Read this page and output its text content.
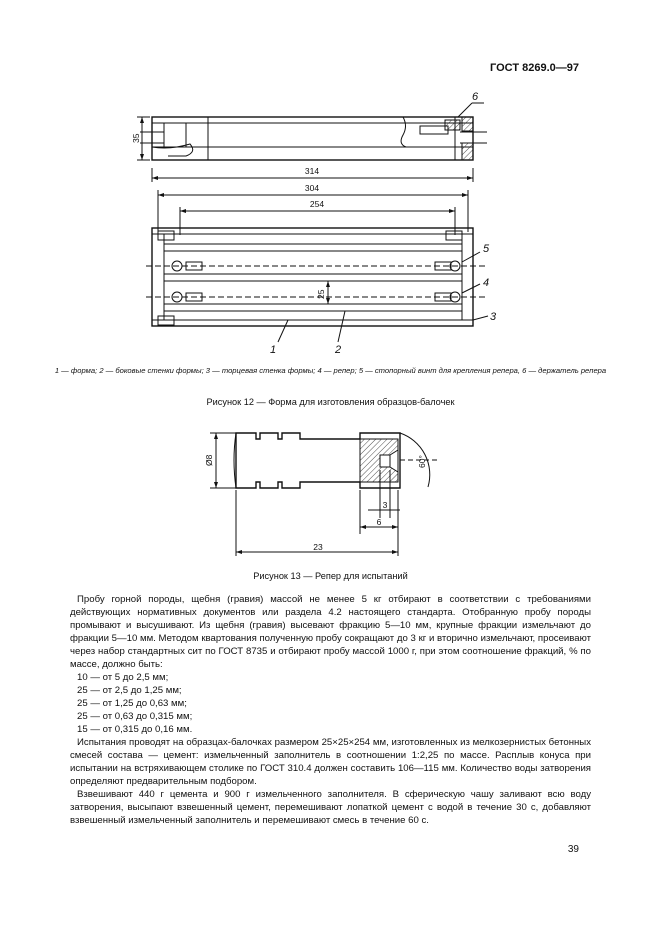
ГОСТ 8269.0—97
35
314
304
254
25
6
5
4
3
1	2
1 — форма; 2 — боковые стенки формы; 3 — торцевая стенка формы; 4 — репер; 5 — стопорный винт для крепления репера, 6 — держатель репера
Рисунок 12 — Форма для изготовления образцов-балочек
Ø8	60°
3
6
23
Рисунок 13 — Репер для испытаний

Пробу горной породы, щебня (гравия) массой не менее 5 кг отбирают в соответствии с требованиями действующих нормативных документов или раздела 4.2 настоящего стандарта. Отобранную пробу породы промывают и высушивают. Из щебня (гравия) высевают фракцию 5—10 мм, крупные фракции измельчают до фракции 5—10 мм. Методом квартования полученную пробу сокращают до 3 кг и вторично измельчают, просеивают через набор стандартных сит по ГОСТ 8735 и отбирают пробу массой 1000 г, при этом соотношение фракций, % по массе, должно быть:

10 — от 5 до 2,5 мм;

25 — от 2,5 до 1,25 мм;

25 — от 1,25 до 0,63 мм;

25 — от 0,63 до 0,315 мм;

15 — от 0,315 до 0,16 мм.

Испытания проводят на образцах-балочках размером 25×25×254 мм, изготовленных из мелкозернистых бетонных смесей состава — цемент: измельченный заполнитель в соотношении 1:2,25 по массе. Расплыв конуса при испытании на встряхивающем столике по ГОСТ 310.4 должен составить 106—115 мм. Количество воды затворения определяют предварительным подбором.

Взвешивают 440 г цемента и 900 г измельченного заполнителя. В сферическую чашу заливают всю воду затворения, высыпают взвешенный цемент, перемешивают лопаткой цемент с водой в течение 30 с, добавляют взвешенный измельченный заполнитель и перемешивают смесь в течение 60 с.

39
